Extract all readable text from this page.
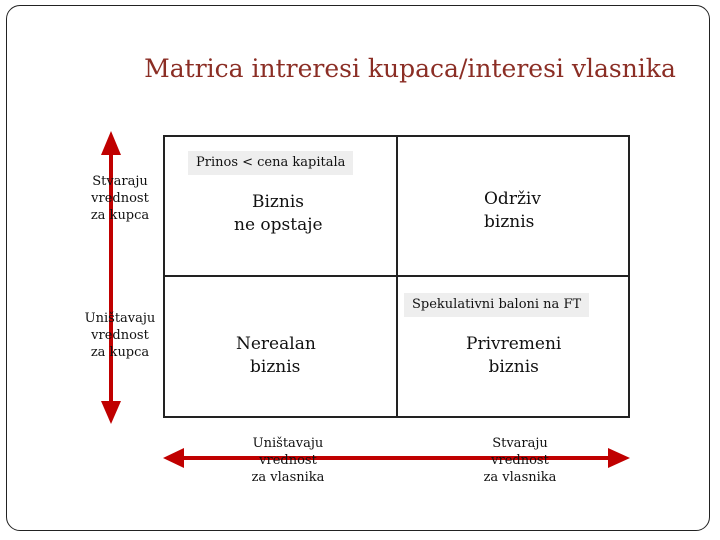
Matrica intreresi kupaca/interesi vlasnika
Prinos < cena kapitala
Spekulativni baloni na FT
Biznis
ne opstaje
Održiv
biznis
Nerealan
biznis
Privremeni
biznis
Stvaraju
vrednost
za kupca
Uništavaju
vrednost
za kupca
Uništavaju
vrednost
za vlasnika
Stvaraju
vrednost
za vlasnika
